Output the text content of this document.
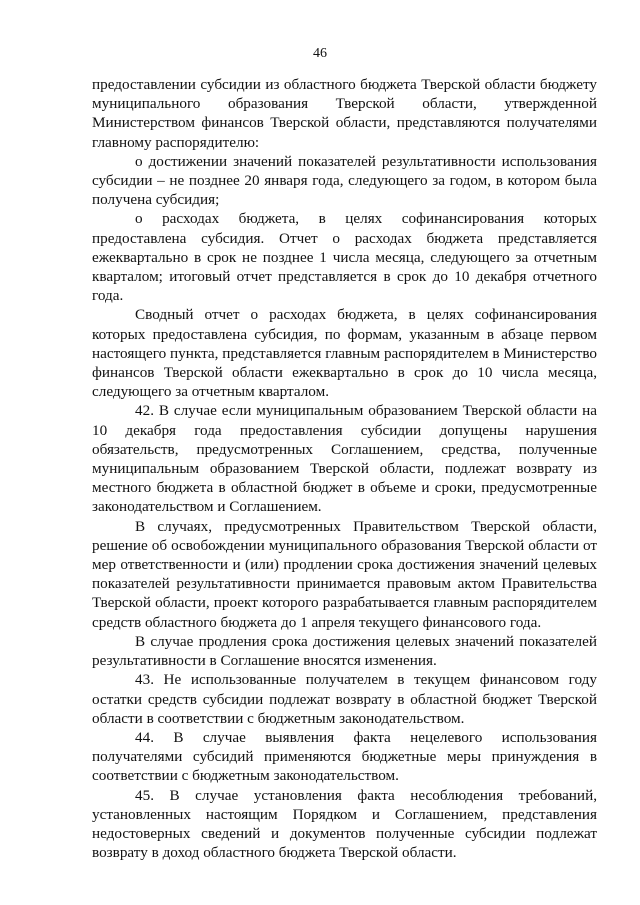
46

предоставлении субсидии из областного бюджета Тверской области бюджету муниципального образования Тверской области, утвержденной Министерством финансов Тверской области, представляются получателями главному распорядителю:

о достижении значений показателей результативности использования субсидии – не позднее 20 января года, следующего за годом, в котором была получена субсидия;

о расходах бюджета, в целях софинансирования которых предоставлена субсидия. Отчет о расходах бюджета представляется ежеквартально в срок не позднее 1 числа месяца, следующего за отчетным кварталом; итоговый отчет представляется в срок до 10 декабря отчетного года.

Сводный отчет о расходах бюджета, в целях софинансирования которых предоставлена субсидия, по формам, указанным в абзаце первом настоящего пункта, представляется главным распорядителем в Министерство финансов Тверской области ежеквартально в срок до 10 числа месяца, следующего за отчетным кварталом.

42. В случае если муниципальным образованием Тверской области на 10 декабря года предоставления субсидии допущены нарушения обязательств, предусмотренных Соглашением, средства, полученные муниципальным образованием Тверской области, подлежат возврату из местного бюджета в областной бюджет в объеме и сроки, предусмотренные законодательством и Соглашением.

В случаях, предусмотренных Правительством Тверской области, решение об освобождении муниципального образования Тверской области от мер ответственности и (или) продлении срока достижения значений целевых показателей результативности принимается правовым актом Правительства Тверской области, проект которого разрабатывается главным распорядителем средств областного бюджета до 1 апреля текущего финансового года.

В случае продления срока достижения целевых значений показателей результативности в Соглашение вносятся изменения.

43. Не использованные получателем в текущем финансовом году остатки средств субсидии подлежат возврату в областной бюджет Тверской области в соответствии с бюджетным законодательством.

44. В случае выявления факта нецелевого использования получателями субсидий применяются бюджетные меры принуждения в соответствии с бюджетным законодательством.

45. В случае установления факта несоблюдения требований, установленных настоящим Порядком и Соглашением, представления недостоверных сведений и документов полученные субсидии подлежат возврату в доход областного бюджета Тверской области.
